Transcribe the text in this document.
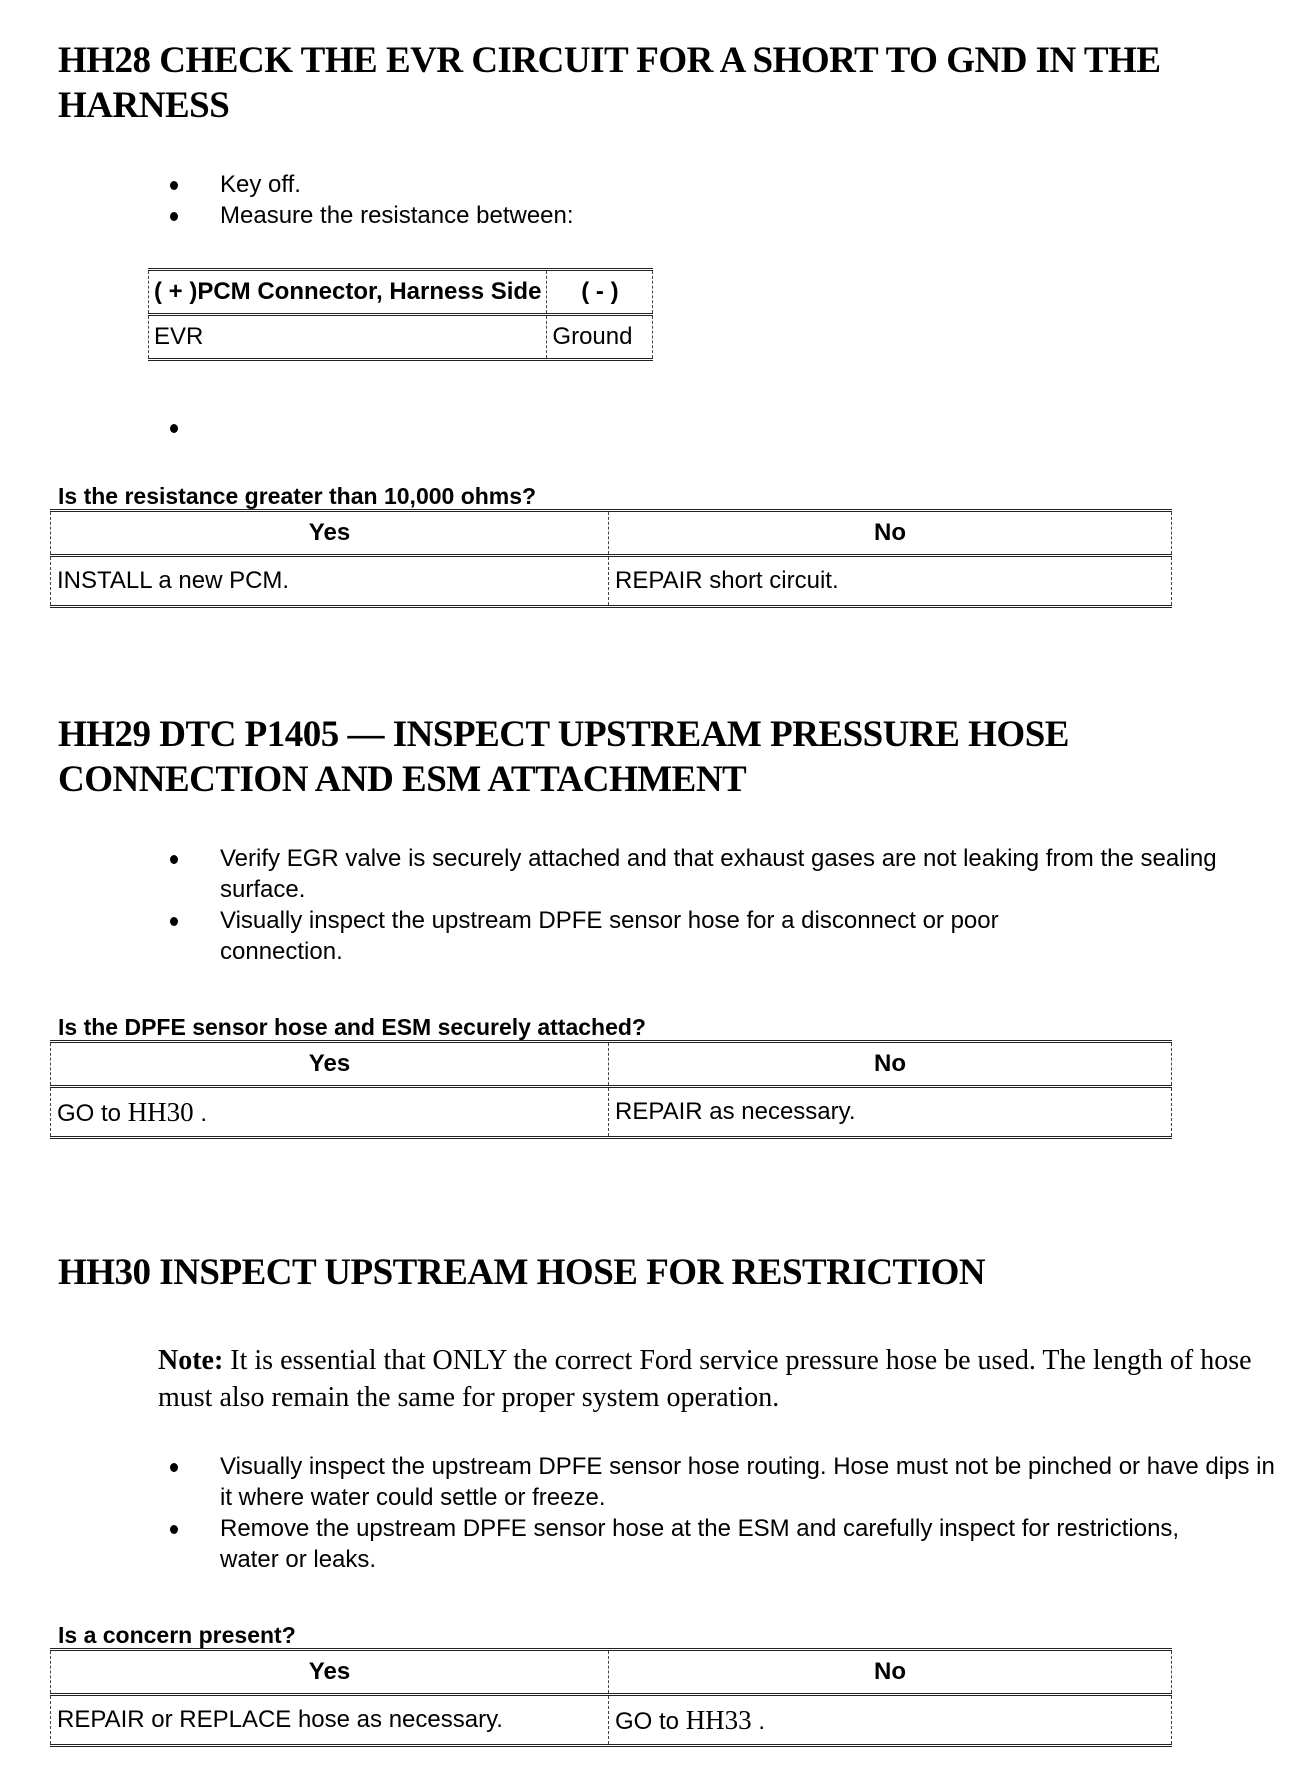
HH28 CHECK THE EVR CIRCUIT FOR A SHORT TO GND IN THE
HARNESS
Key off.
Measure the resistance between:
( + )PCM Connector, Harness Side	( - )
EVR	Ground

Is the resistance greater than 10,000 ohms?
Yes	No
INSTALL a new PCM.	REPAIR short circuit.
HH29 DTC P1405 — INSPECT UPSTREAM PRESSURE HOSE
CONNECTION AND ESM ATTACHMENT
Verify EGR valve is securely attached and that exhaust gases are not leaking from the sealing surface.
Visually inspect the upstream DPFE sensor hose for a disconnect or poor connection.
Is the DPFE sensor hose and ESM securely attached?
Yes	No
GO to HH30 .	REPAIR as necessary.
HH30 INSPECT UPSTREAM HOSE FOR RESTRICTION
Note: It is essential that ONLY the correct Ford service pressure hose be used. The length of hose must also remain the same for proper system operation.
Visually inspect the upstream DPFE sensor hose routing. Hose must not be pinched or have dips in it where water could settle or freeze.
Remove the upstream DPFE sensor hose at the ESM and carefully inspect for restrictions, water or leaks.
Is a concern present?
Yes	No
REPAIR or REPLACE hose as necessary.	GO to HH33 .
